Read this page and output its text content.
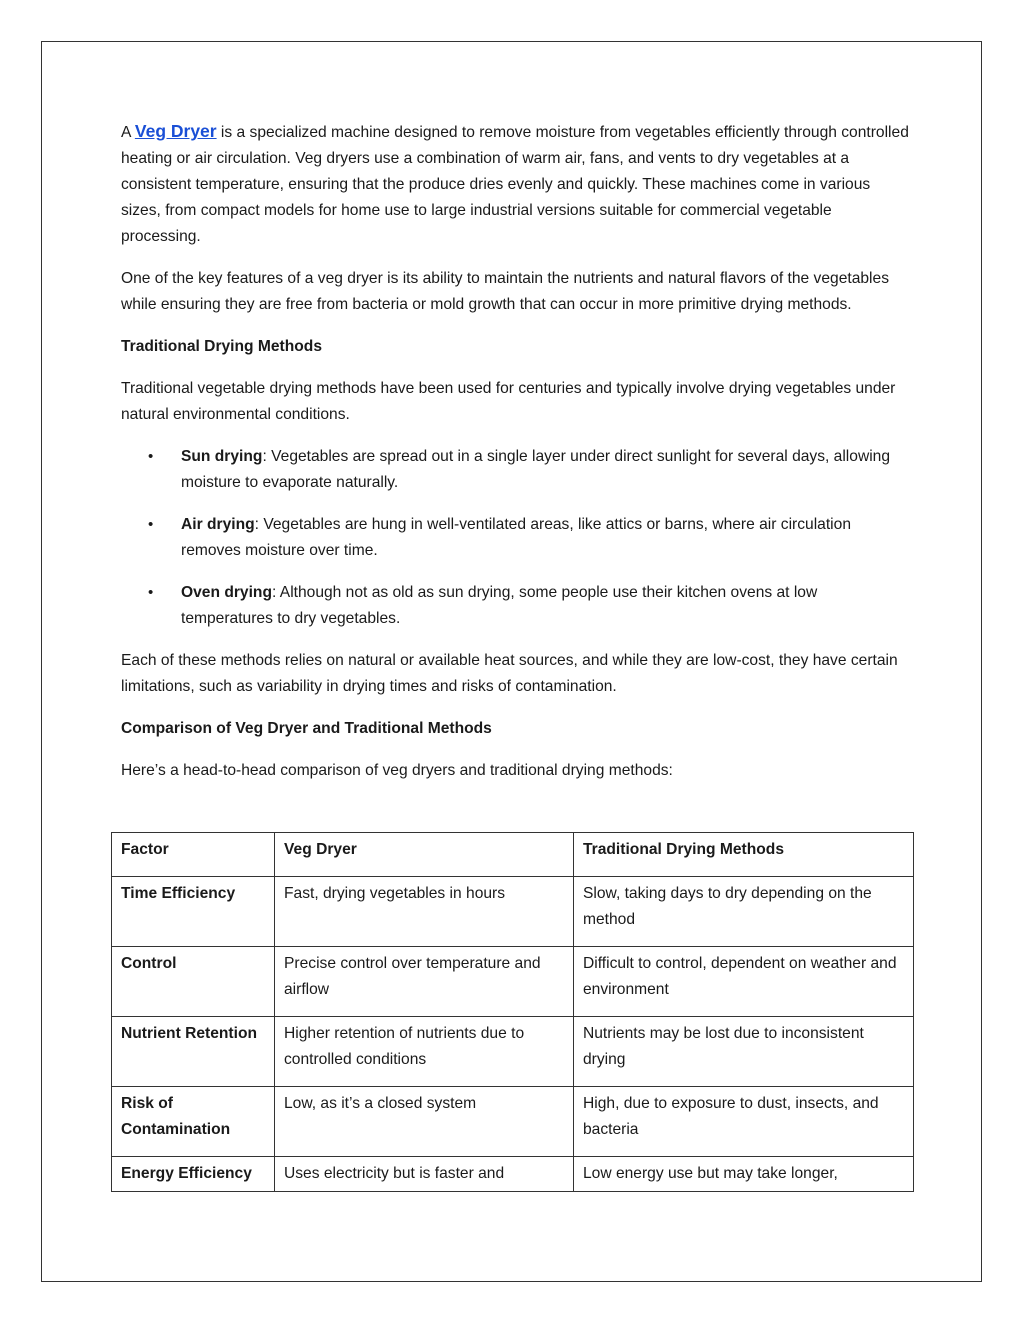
A Veg Dryer is a specialized machine designed to remove moisture from vegetables efficiently through controlled heating or air circulation. Veg dryers use a combination of warm air, fans, and vents to dry vegetables at a consistent temperature, ensuring that the produce dries evenly and quickly. These machines come in various sizes, from compact models for home use to large industrial versions suitable for commercial vegetable processing.

One of the key features of a veg dryer is its ability to maintain the nutrients and natural flavors of the vegetables while ensuring they are free from bacteria or mold growth that can occur in more primitive drying methods.

Traditional Drying Methods

Traditional vegetable drying methods have been used for centuries and typically involve drying vegetables under natural environmental conditions.

• Sun drying: Vegetables are spread out in a single layer under direct sunlight for several days, allowing moisture to evaporate naturally.
• Air drying: Vegetables are hung in well-ventilated areas, like attics or barns, where air circulation removes moisture over time.
• Oven drying: Although not as old as sun drying, some people use their kitchen ovens at low temperatures to dry vegetables.

Each of these methods relies on natural or available heat sources, and while they are low-cost, they have certain limitations, such as variability in drying times and risks of contamination.

Comparison of Veg Dryer and Traditional Methods

Here’s a head-to-head comparison of veg dryers and traditional drying methods:

Factor	Veg Dryer	Traditional Drying Methods
Time Efficiency	Fast, drying vegetables in hours	Slow, taking days to dry depending on the method
Control	Precise control over temperature and airflow	Difficult to control, dependent on weather and environment
Nutrient Retention	Higher retention of nutrients due to controlled conditions	Nutrients may be lost due to inconsistent drying
Risk of Contamination	Low, as it’s a closed system	High, due to exposure to dust, insects, and bacteria
Energy Efficiency	Uses electricity but is faster and	Low energy use but may take longer,
